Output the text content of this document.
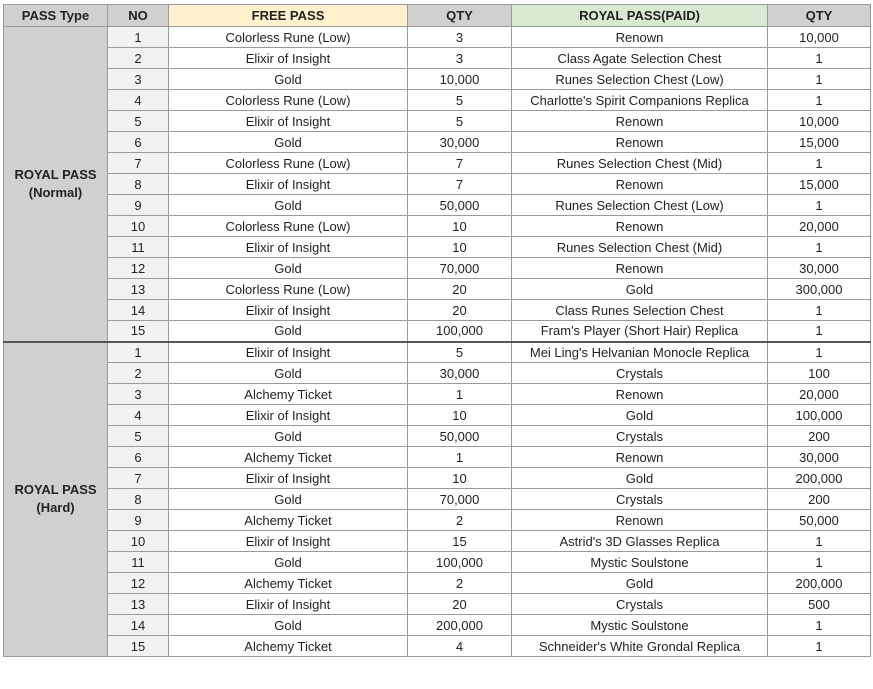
PASS Type	NO	FREE PASS	QTY	ROYAL PASS(PAID)	QTY

ROYAL PASS
(Normal)	1	Colorless Rune (Low)	3	Renown	10,000
	2	Elixir of Insight	3	Class Agate Selection Chest	1
	3	Gold	10,000	Runes Selection Chest (Low)	1
	4	Colorless Rune (Low)	5	Charlotte's Spirit Companions Replica	1
	5	Elixir of Insight	5	Renown	10,000
	6	Gold	30,000	Renown	15,000
	7	Colorless Rune (Low)	7	Runes Selection Chest (Mid)	1
	8	Elixir of Insight	7	Renown	15,000
	9	Gold	50,000	Runes Selection Chest (Low)	1
	10	Colorless Rune (Low)	10	Renown	20,000
	11	Elixir of Insight	10	Runes Selection Chest (Mid)	1
	12	Gold	70,000	Renown	30,000
	13	Colorless Rune (Low)	20	Gold	300,000
	14	Elixir of Insight	20	Class Runes Selection Chest	1
	15	Gold	100,000	Fram's Player (Short Hair) Replica	1

ROYAL PASS
(Hard)	1	Elixir of Insight	5	Mei Ling's Helvanian Monocle Replica	1
	2	Gold	30,000	Crystals	100
	3	Alchemy Ticket	1	Renown	20,000
	4	Elixir of Insight	10	Gold	100,000
	5	Gold	50,000	Crystals	200
	6	Alchemy Ticket	1	Renown	30,000
	7	Elixir of Insight	10	Gold	200,000
	8	Gold	70,000	Crystals	200
	9	Alchemy Ticket	2	Renown	50,000
	10	Elixir of Insight	15	Astrid's 3D Glasses Replica	1
	11	Gold	100,000	Mystic Soulstone	1
	12	Alchemy Ticket	2	Gold	200,000
	13	Elixir of Insight	20	Crystals	500
	14	Gold	200,000	Mystic Soulstone	1
	15	Alchemy Ticket	4	Schneider's White Grondal Replica	1
